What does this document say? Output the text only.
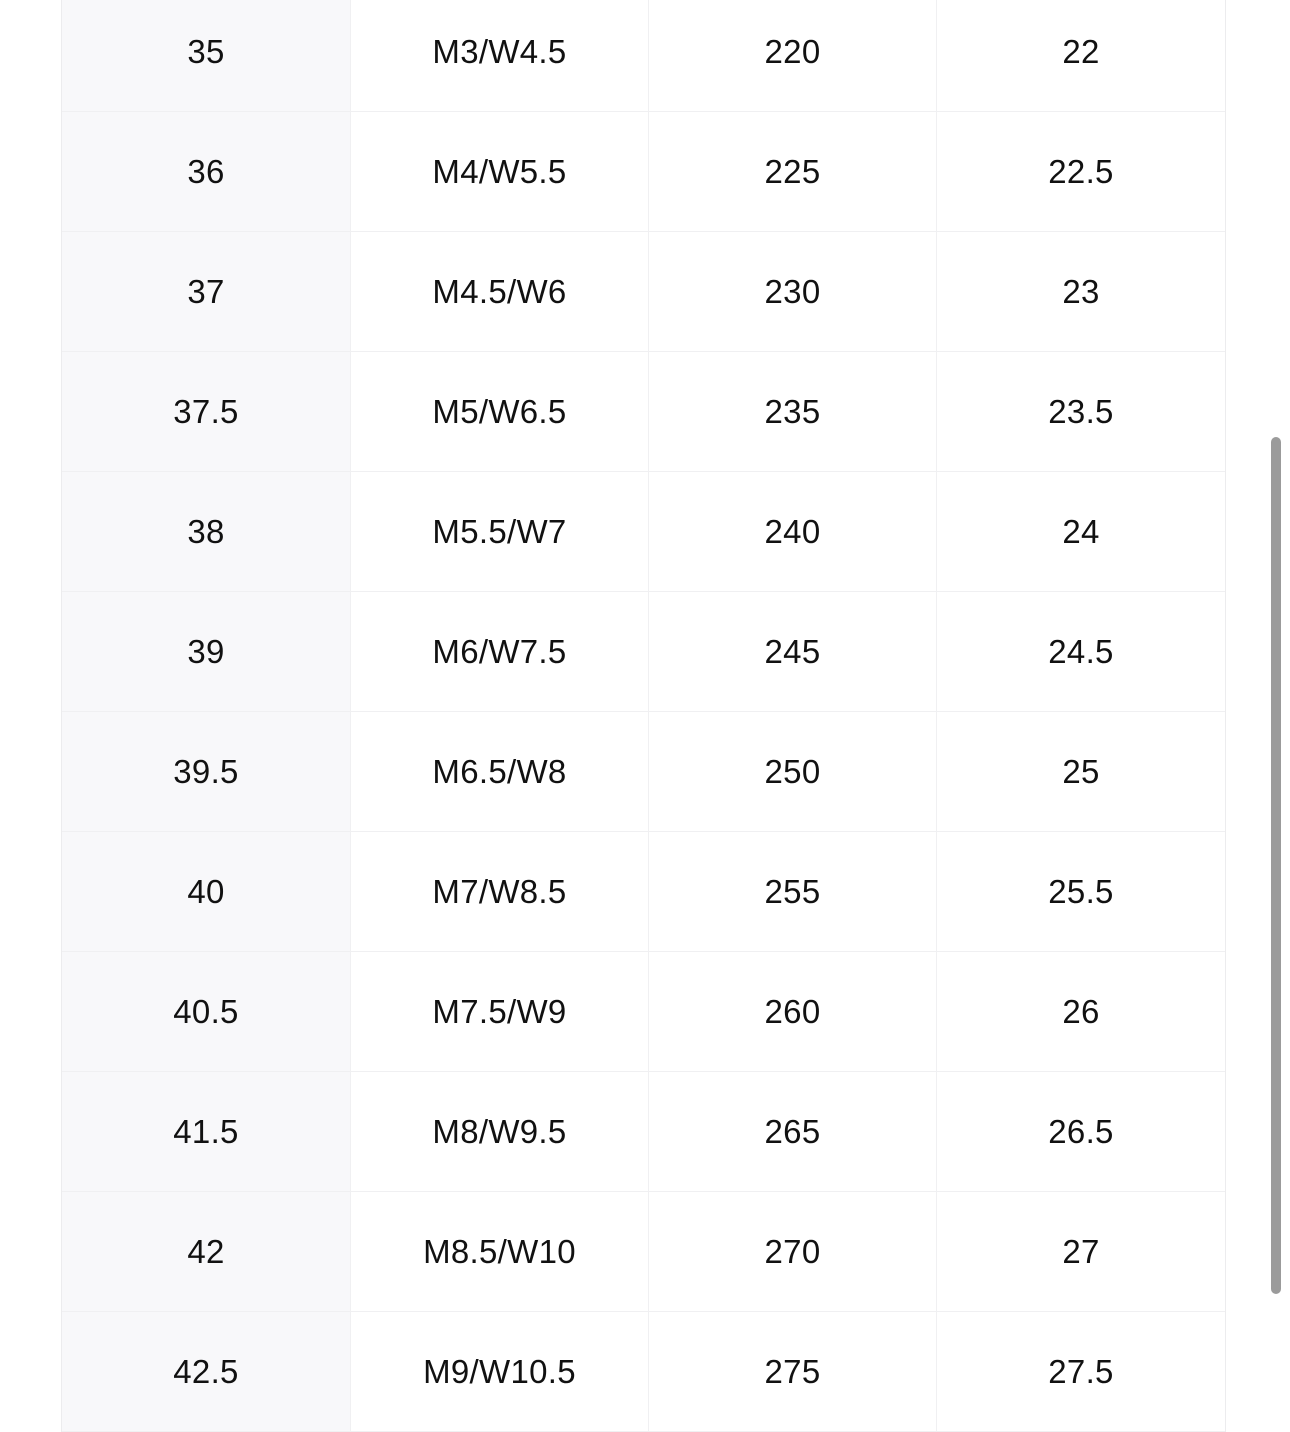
35	M3/W4.5	220	22
36	M4/W5.5	225	22.5
37	M4.5/W6	230	23
37.5	M5/W6.5	235	23.5
38	M5.5/W7	240	24
39	M6/W7.5	245	24.5
39.5	M6.5/W8	250	25
40	M7/W8.5	255	25.5
40.5	M7.5/W9	260	26
41.5	M8/W9.5	265	26.5
42	M8.5/W10	270	27
42.5	M9/W10.5	275	27.5
